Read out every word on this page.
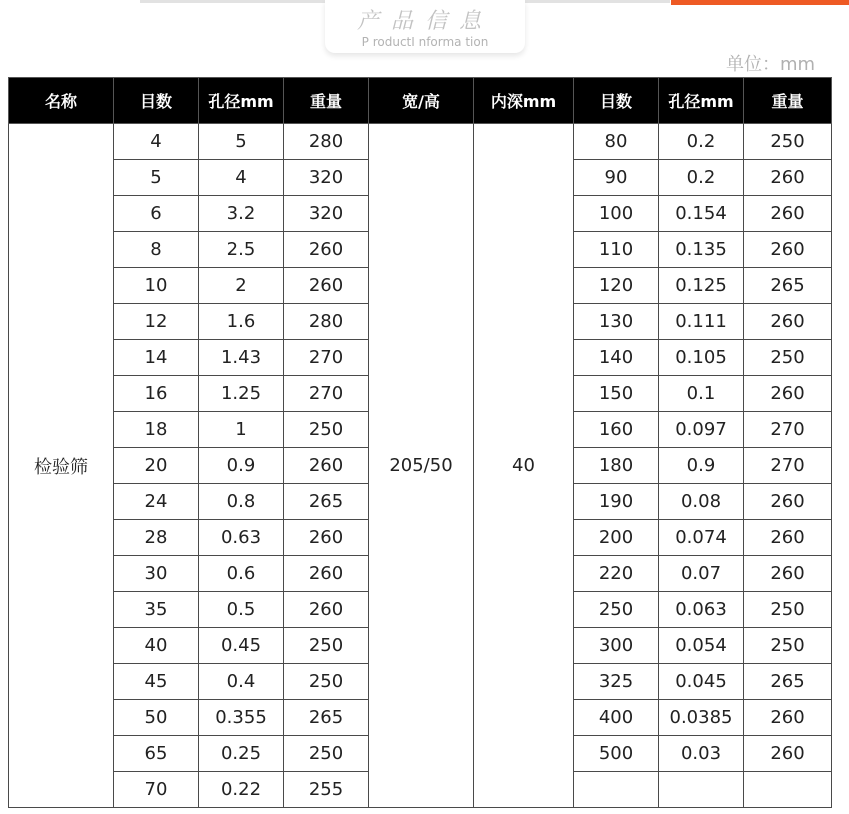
产品信息
P roductI nforma tion
单位：mm
名称	目数	孔径mm	重量	宽/高	内深mm	目数	孔径mm	重量
检验筛	4	5	280	205/50	40	80	0.2	250
	5	4	320			90	0.2	260
	6	3.2	320			100	0.154	260
	8	2.5	260			110	0.135	260
	10	2	260			120	0.125	265
	12	1.6	280			130	0.111	260
	14	1.43	270			140	0.105	250
	16	1.25	270			150	0.1	260
	18	1	250			160	0.097	270
	20	0.9	260			180	0.9	270
	24	0.8	265			190	0.08	260
	28	0.63	260			200	0.074	260
	30	0.6	260			220	0.07	260
	35	0.5	260			250	0.063	250
	40	0.45	250			300	0.054	250
	45	0.4	250			325	0.045	265
	50	0.355	265			400	0.0385	260
	65	0.25	250			500	0.03	260
	70	0.22	255					
